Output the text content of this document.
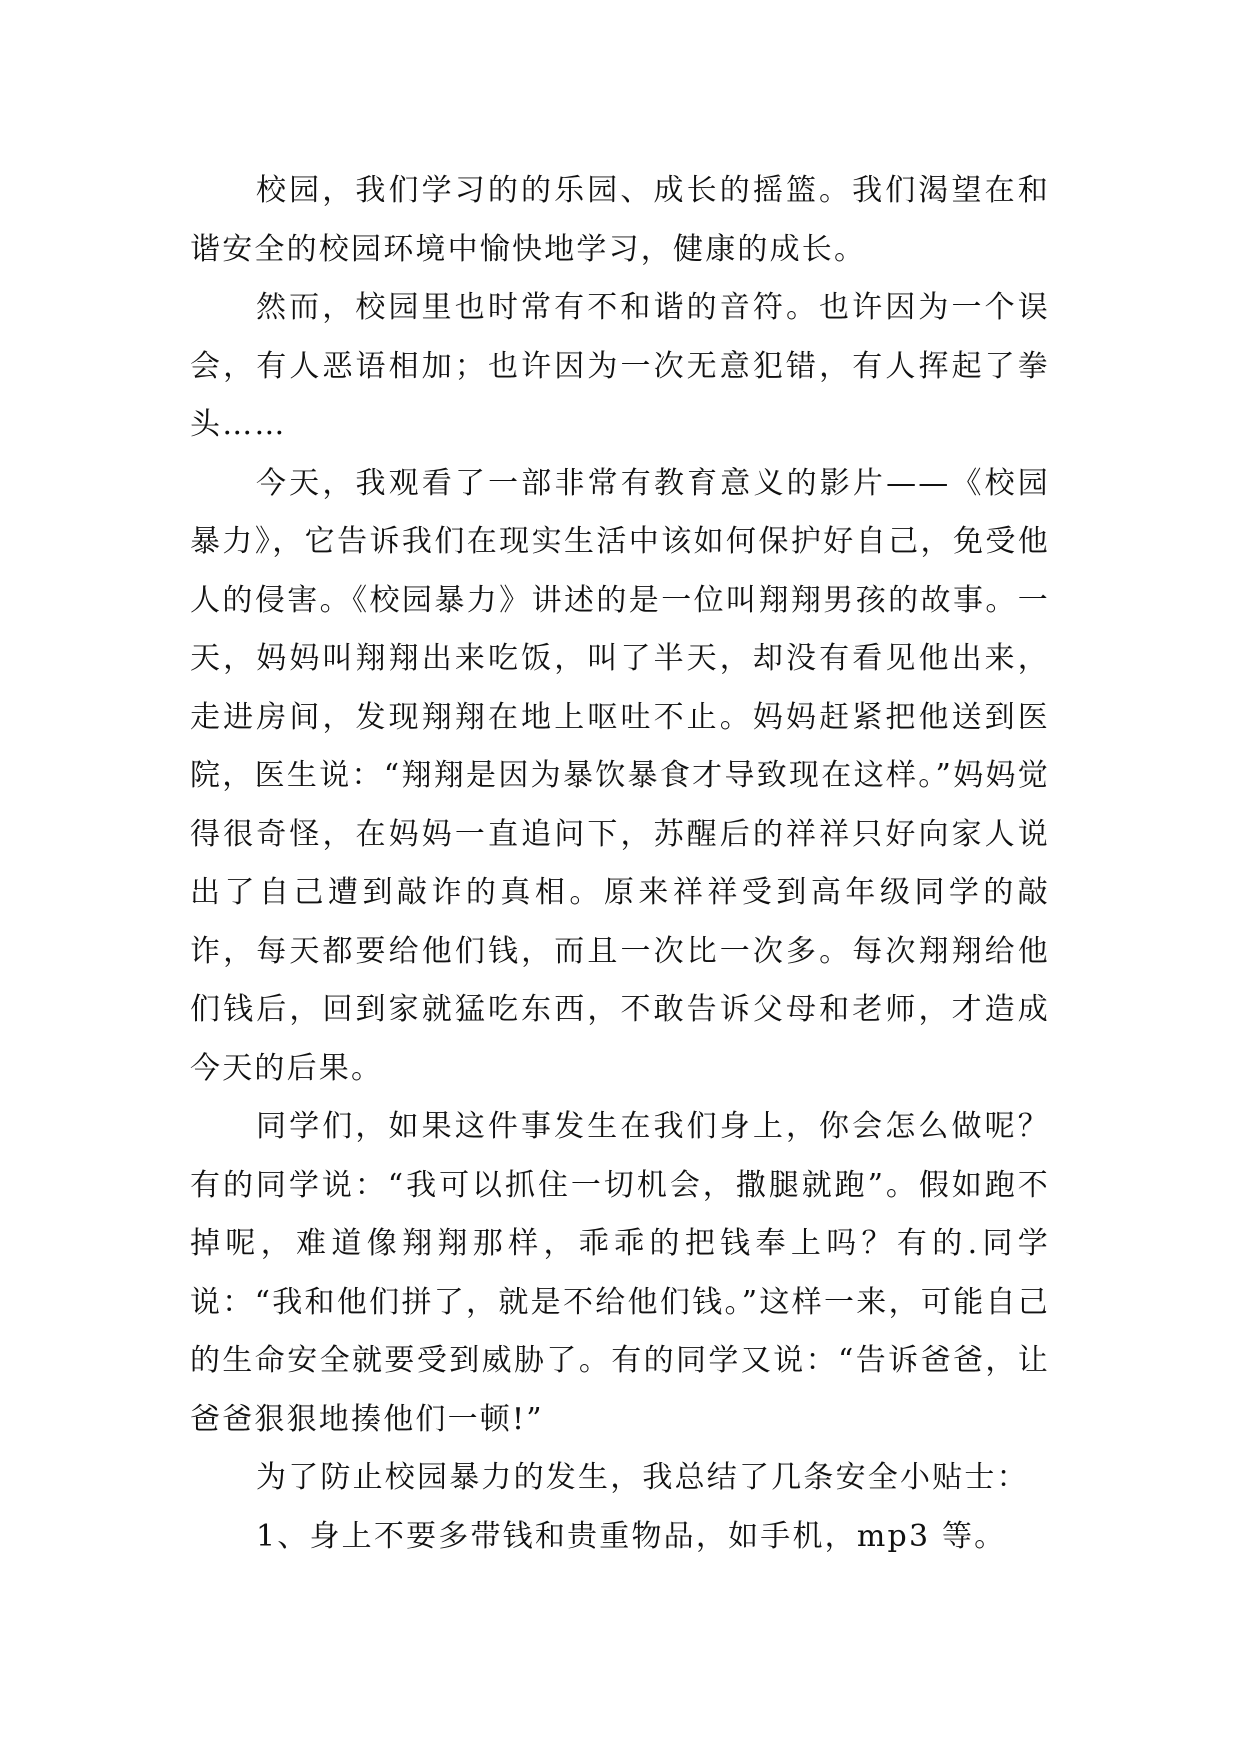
校园，我们学习的的乐园、成长的摇篮。我们渴望在和谐安全的校园环境中愉快地学习，健康的成长。

然而，校园里也时常有不和谐的音符。也许因为一个误会，有人恶语相加；也许因为一次无意犯错，有人挥起了拳头……

今天，我观看了一部非常有教育意义的影片——《校园暴力》，它告诉我们在现实生活中该如何保护好自己，免受他人的侵害。《校园暴力》讲述的是一位叫翔翔男孩的故事。一天，妈妈叫翔翔出来吃饭，叫了半天，却没有看见他出来，走进房间，发现翔翔在地上呕吐不止。妈妈赶紧把他送到医院，医生说：“翔翔是因为暴饮暴食才导致现在这样。”妈妈觉得很奇怪，在妈妈一直追问下，苏醒后的祥祥只好向家人说出了自己遭到敲诈的真相。原来祥祥受到高年级同学的敲诈，每天都要给他们钱，而且一次比一次多。每次翔翔给他们钱后，回到家就猛吃东西，不敢告诉父母和老师，才造成今天的后果。

同学们，如果这件事发生在我们身上，你会怎么做呢？有的同学说：“我可以抓住一切机会，撒腿就跑”。假如跑不掉呢，难道像翔翔那样，乖乖的把钱奉上吗？有的.同学说：“我和他们拼了，就是不给他们钱。”这样一来，可能自己的生命安全就要受到威胁了。有的同学又说：“告诉爸爸，让爸爸狠狠地揍他们一顿!”

为了防止校园暴力的发生，我总结了几条安全小贴士：

1、身上不要多带钱和贵重物品，如手机，mp3 等。
